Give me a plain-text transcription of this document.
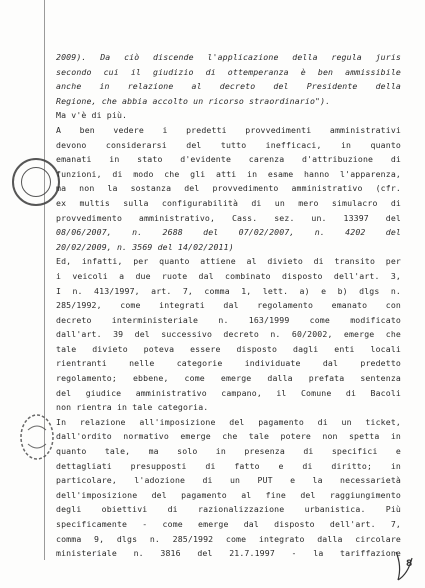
2009). Da ciò discende l'applicazione della regula juris
secondo cui il giudizio di ottemperanza è ben ammissibile
anche in relazione al decreto del Presidente della
Regione, che abbia accolto un ricorso straordinario").
Ma v'è di più.
A ben vedere i predetti provvedimenti amministrativi
devono considerarsi del tutto inefficaci, in quanto
emanati in stato d'evidente carenza d'attribuzione di
funzioni, di modo che gli atti in esame hanno l'apparenza,
ma non la sostanza del provvedimento amministrativo (cfr.
ex multis sulla configurabilità di un mero simulacro di
provvedimento amministrativo, Cass. sez. un. 13397 del
08/06/2007, n. 2688 del 07/02/2007, n. 4202 del
20/02/2009, n. 3569 del 14/02/2011)
Ed, infatti, per quanto attiene al divieto di transito per
i veicoli a due ruote dal combinato disposto dell'art. 3,
I n. 413/1997, art. 7, comma 1, lett. a) e b) dlgs n.
285/1992, come integrati dal regolamento emanato con
decreto interministeriale n. 163/1999 come modificato
dall'art. 39 del successivo decreto n. 60/2002, emerge che
tale divieto poteva essere disposto dagli enti locali
rientranti nelle categorie individuate dal predetto
regolamento; ebbene, come emerge dalla prefata sentenza
del giudice amministrativo campano, il Comune di Bacoli
non rientra in tale categoria.
In relazione all'imposizione del pagamento di un ticket,
dall'ordito normativo emerge che tale potere non spetta in
quanto tale, ma solo in presenza di specifici e
dettagliati presupposti di fatto e di diritto; in
particolare, l'adozione di un PUT e la necessarietà
dell'imposizione del pagamento al fine del raggiungimento
degli obiettivi di razionalizzazione urbanistica. Più
specificamente - come emerge dal disposto dell'art. 7,
comma 9, dlgs n. 285/1992 come integrato dalla circolare
ministeriale n. 3816 del 21.7.1997 - la tariffazione
8
